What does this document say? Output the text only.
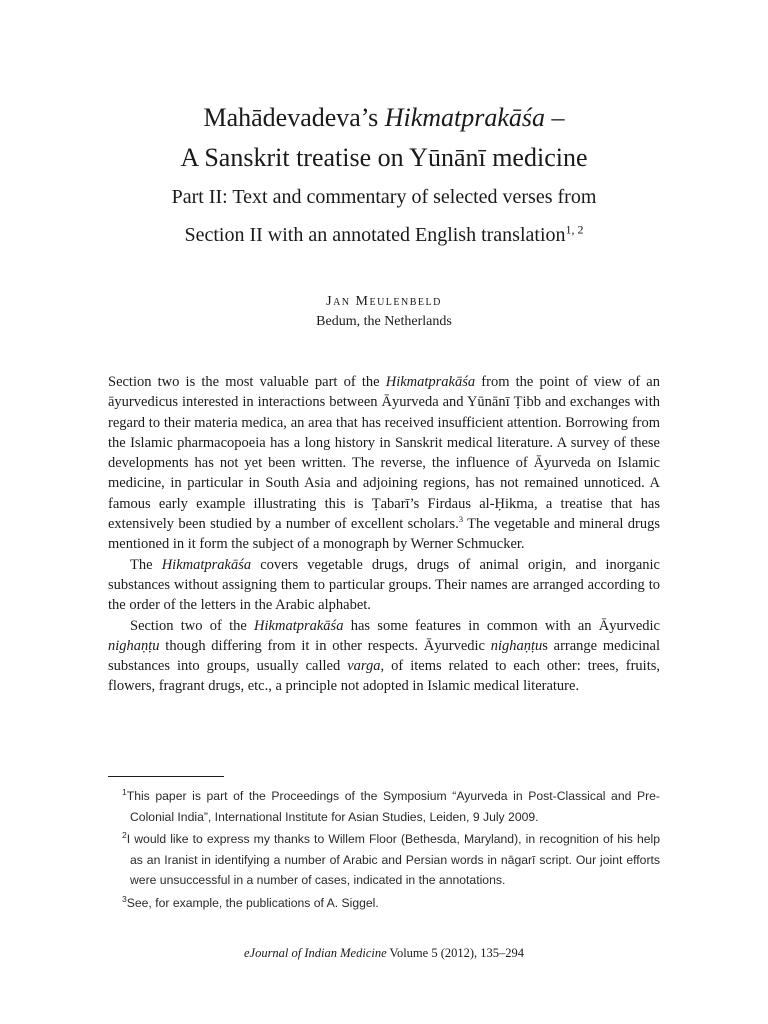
Mahādevadeva’s Hikmatprakāśa –
A Sanskrit treatise on Yūnānī medicine
Part II: Text and commentary of selected verses from
Section II with an annotated English translation$^{1, 2}$
Jan Meulenbeld
Bedum, the Netherlands

Section two is the most valuable part of the Hikmatprakāśa from the point of view of an āyurvedicus interested in interactions between Āyurveda and Yūnānī Ṭibb and exchanges with regard to their materia medica, an area that has received insufficient attention. Borrowing from the Islamic pharmacopoeia has a long history in Sanskrit medical literature. A survey of these developments has not yet been written. The reverse, the influence of Āyurveda on Islamic medicine, in particular in South Asia and adjoining regions, has not remained unnoticed. A famous early example illustrating this is Ṭabarī’s Firdaus al-Ḥikma, a treatise that has extensively been studied by a number of excellent scholars.$^3$ The vegetable and mineral drugs mentioned in it form the subject of a monograph by Werner Schmucker.

The Hikmatprakāśa covers vegetable drugs, drugs of animal origin, and inorganic substances without assigning them to particular groups. Their names are arranged according to the order of the letters in the Arabic alphabet.

Section two of the Hikmatprakāśa has some features in common with an Āyurvedic nighaṇṭu though differing from it in other respects. Āyurvedic nighaṇṭus arrange medicinal substances into groups, usually called varga, of items related to each other: trees, fruits, flowers, fragrant drugs, etc., a principle not adopted in Islamic medical literature.

$^1$This paper is part of the Proceedings of the Symposium “Ayurveda in Post-Classical and Pre-Colonial India”, International Institute for Asian Studies, Leiden, 9 July 2009.

$^2$I would like to express my thanks to Willem Floor (Bethesda, Maryland), in recognition of his help as an Iranist in identifying a number of Arabic and Persian words in nāgarī script. Our joint efforts were unsuccessful in a number of cases, indicated in the annotations.

$^3$See, for example, the publications of A. Siggel.

eJournal of Indian Medicine Volume 5 (2012), 135–294
